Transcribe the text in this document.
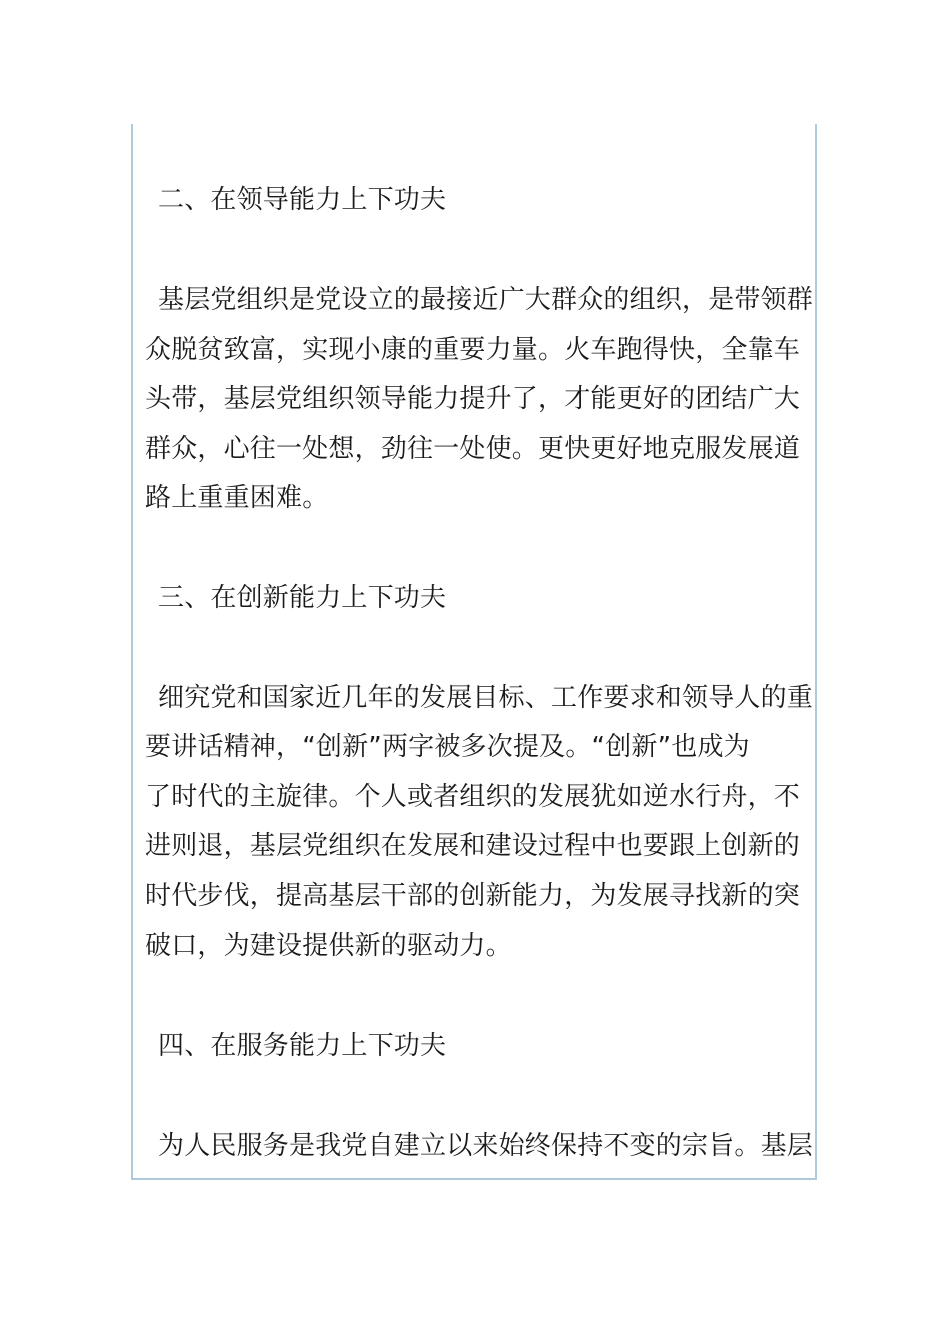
二、在领导能力上下功夫

基层党组织是党设立的最接近广大群众的组织，是带领群

众脱贫致富，实现小康的重要力量。火车跑得快，全靠车

头带，基层党组织领导能力提升了，才能更好的团结广大

群众，心往一处想，劲往一处使。更快更好地克服发展道

路上重重困难。

三、在创新能力上下功夫

细究党和国家近几年的发展目标、工作要求和领导人的重

要讲话精神，“创新”两字被多次提及。“创新”也成为

了时代的主旋律。个人或者组织的发展犹如逆水行舟，不

进则退，基层党组织在发展和建设过程中也要跟上创新的

时代步伐，提高基层干部的创新能力，为发展寻找新的突

破口，为建设提供新的驱动力。

四、在服务能力上下功夫

为人民服务是我党自建立以来始终保持不变的宗旨。基层
